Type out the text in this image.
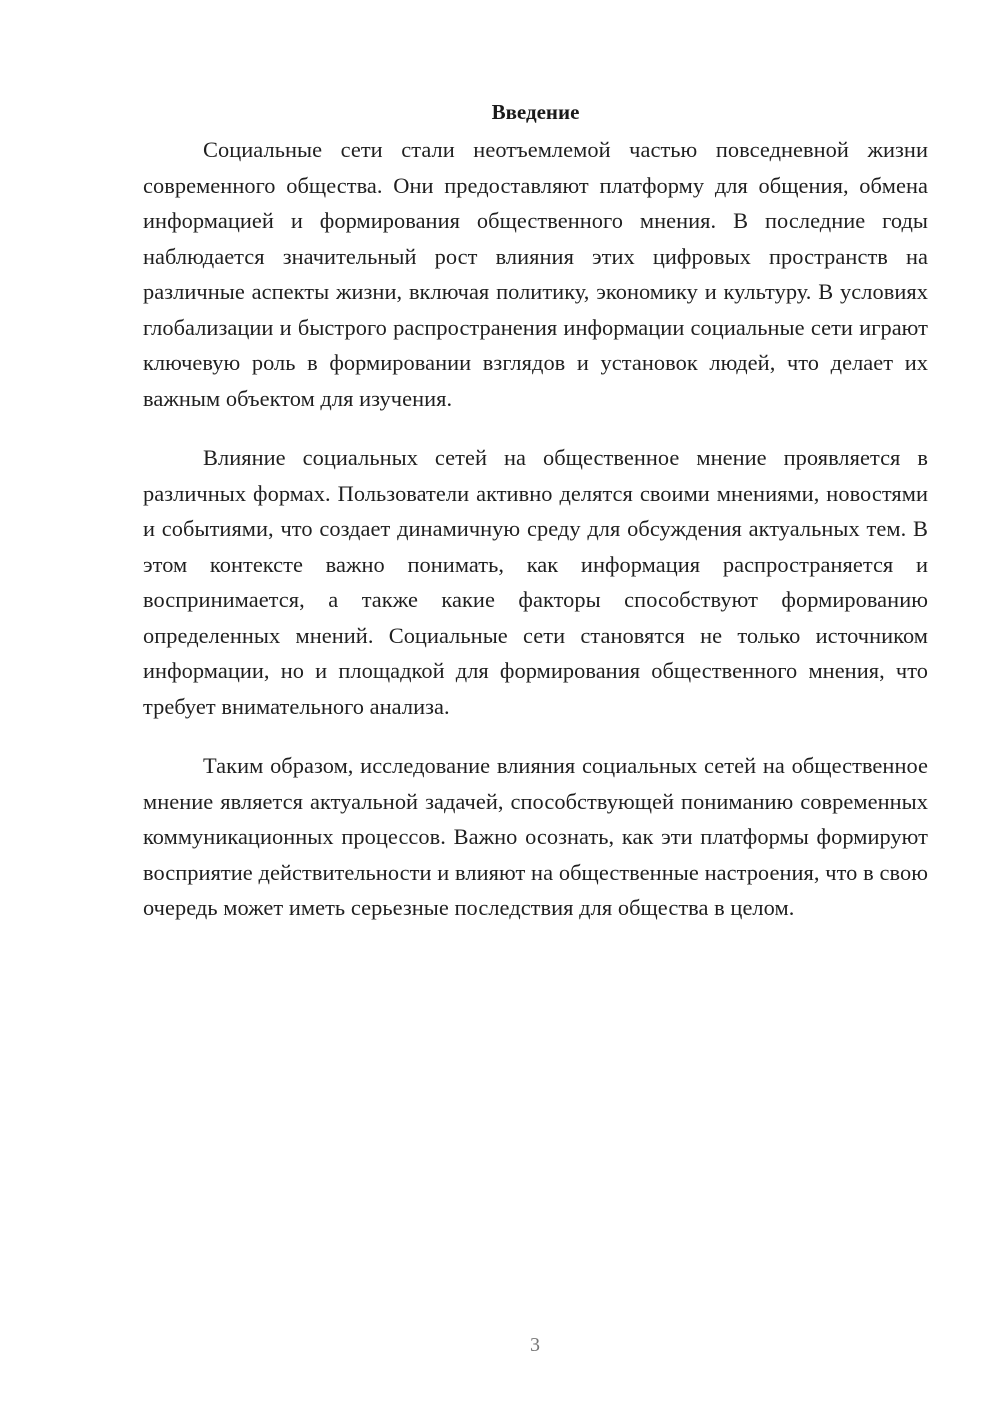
Введение

Социальные сети стали неотъемлемой частью повседневной жизни современного общества. Они предоставляют платформу для общения, обмена информацией и формирования общественного мнения. В последние годы наблюдается значительный рост влияния этих цифровых пространств на различные аспекты жизни, включая политику, экономику и культуру. В условиях глобализации и быстрого распространения информации социальные сети играют ключевую роль в формировании взглядов и установок людей, что делает их важным объектом для изучения.

Влияние социальных сетей на общественное мнение проявляется в различных формах. Пользователи активно делятся своими мнениями, новостями и событиями, что создает динамичную среду для обсуждения актуальных тем. В этом контексте важно понимать, как информация распространяется и воспринимается, а также какие факторы способствуют формированию определенных мнений. Социальные сети становятся не только источником информации, но и площадкой для формирования общественного мнения, что требует внимательного анализа.

Таким образом, исследование влияния социальных сетей на общественное мнение является актуальной задачей, способствующей пониманию современных коммуникационных процессов. Важно осознать, как эти платформы формируют восприятие действительности и влияют на общественные настроения, что в свою очередь может иметь серьезные последствия для общества в целом.

3
